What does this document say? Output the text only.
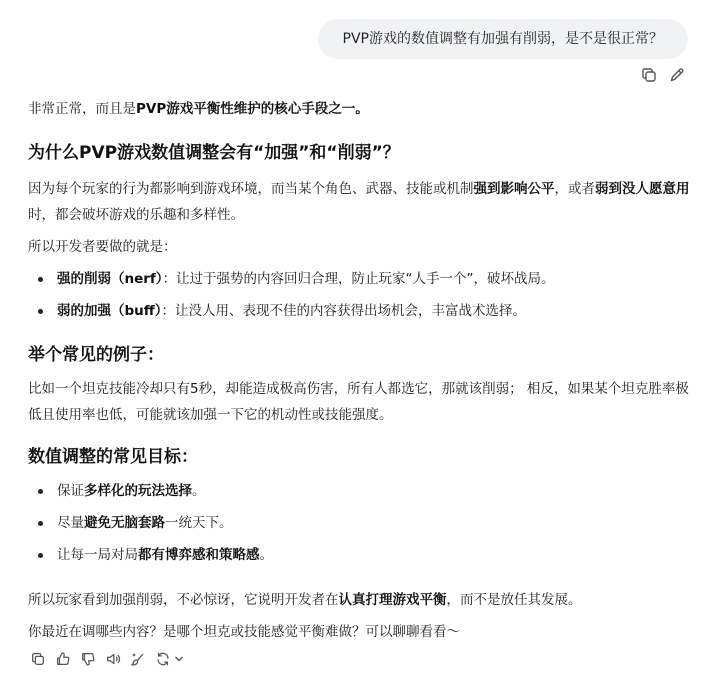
PVP游戏的数值调整有加强有削弱，是不是很正常？

非常正常，而且是PVP游戏平衡性维护的核心手段之一。

为什么PVP游戏数值调整会有“加强”和“削弱”？

因为每个玩家的行为都影响到游戏环境，而当某个角色、武器、技能或机制强到影响公平，或者弱到没人愿意用时，都会破坏游戏的乐趣和多样性。

所以开发者要做的就是：

强的削弱（nerf）：让过于强势的内容回归合理，防止玩家“人手一个”，破坏战局。
弱的加强（buff）：让没人用、表现不佳的内容获得出场机会，丰富战术选择。
举个常见的例子：

比如一个坦克技能冷却只有5秒，却能造成极高伤害，所有人都选它，那就该削弱； 相反，如果某个坦克胜率极低且使用率也低，可能就该加强一下它的机动性或技能强度。

数值调整的常见目标：
保证多样化的玩法选择。
尽量避免无脑套路一统天下。
让每一局对局都有博弈感和策略感。

所以玩家看到加强削弱，不必惊讶，它说明开发者在认真打理游戏平衡，而不是放任其发展。

你最近在调哪些内容？是哪个坦克或技能感觉平衡难做？可以聊聊看看～
